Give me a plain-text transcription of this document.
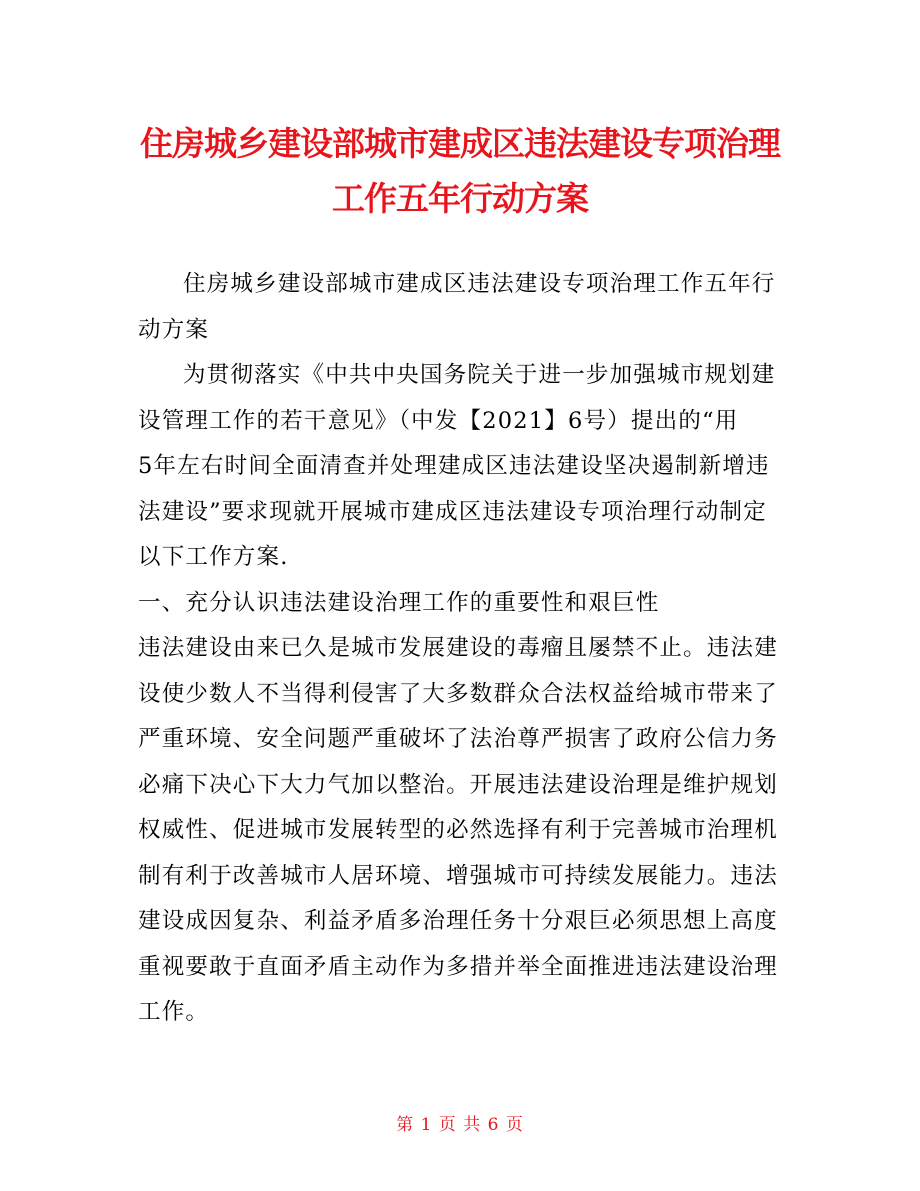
住房城乡建设部城市建成区违法建设专项治理
工作五年行动方案
住房城乡建设部城市建成区违法建设专项治理工作五年行
动方案
为贯彻落实《中共中央国务院关于进一步加强城市规划建
设管理工作的若干意见》（中发【2021】6号）提出的“用
5年左右时间全面清查并处理建成区违法建设坚决遏制新增违
法建设”要求现就开展城市建成区违法建设专项治理行动制定
以下工作方案.
一、充分认识违法建设治理工作的重要性和艰巨性
违法建设由来已久是城市发展建设的毒瘤且屡禁不止。违法建
设使少数人不当得利侵害了大多数群众合法权益给城市带来了
严重环境、安全问题严重破坏了法治尊严损害了政府公信力务
必痛下决心下大力气加以整治。开展违法建设治理是维护规划
权威性、促进城市发展转型的必然选择有利于完善城市治理机
制有利于改善城市人居环境、增强城市可持续发展能力。违法
建设成因复杂、利益矛盾多治理任务十分艰巨必须思想上高度
重视要敢于直面矛盾主动作为多措并举全面推进违法建设治理
工作。
第 1 页 共 6 页
